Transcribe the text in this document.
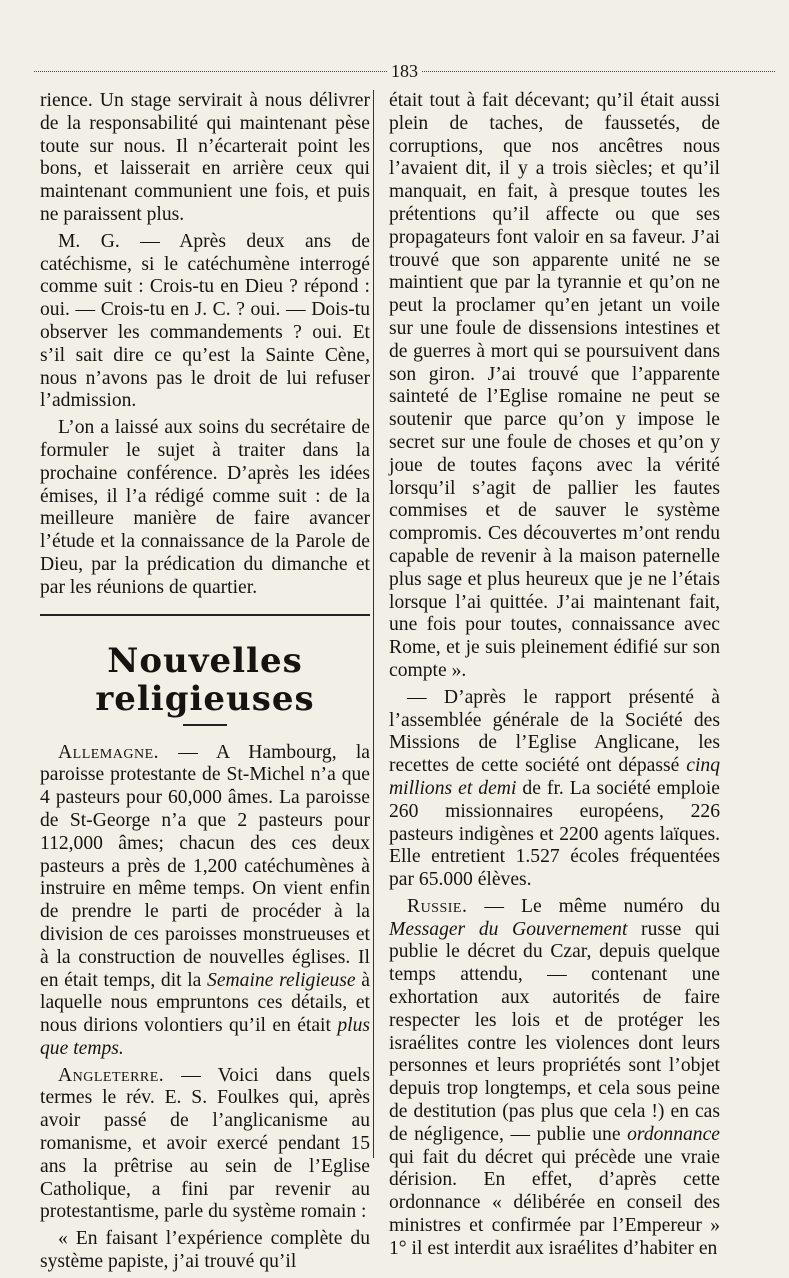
183

rience. Un stage servirait à nous délivrer de la responsabilité qui maintenant pèse toute sur nous. Il n’écarterait point les bons, et laisserait en arrière ceux qui maintenant communient une fois, et puis ne paraissent plus.

M. G. — Après deux ans de catéchisme, si le catéchumène interrogé comme suit : Crois-tu en Dieu ? répond : oui. — Crois-tu en J. C. ? oui. — Dois-tu observer les commandements ? oui. Et s’il sait dire ce qu’est la Sainte Cène, nous n’avons pas le droit de lui refuser l’admission.

L’on a laissé aux soins du secrétaire de formuler le sujet à traiter dans la prochaine conférence. D’après les idées émises, il l’a rédigé comme suit : de la meilleure manière de faire avancer l’étude et la connaissance de la Parole de Dieu, par la prédication du dimanche et par les réunions de quartier.

Nouvelles religieuses

Allemagne. — A Hambourg, la paroisse protestante de St-Michel n’a que 4 pasteurs pour 60,000 âmes. La paroisse de St-George n’a que 2 pasteurs pour 112,000 âmes; chacun des ces deux pasteurs a près de 1,200 catéchumènes à instruire en même temps. On vient enfin de prendre le parti de procéder à la division de ces paroisses monstrueuses et à la construction de nouvelles églises. Il en était temps, dit la Semaine religieuse à laquelle nous empruntons ces détails, et nous dirions volontiers qu’il en était plus que temps.

Angleterre. — Voici dans quels termes le rév. E. S. Foulkes qui, après avoir passé de l’anglicanisme au romanisme, et avoir exercé pendant 15 ans la prêtrise au sein de l’Eglise Catholique, a fini par revenir au protestantisme, parle du système romain :

« En faisant l’expérience complète du système papiste, j’ai trouvé qu’il

était tout à fait décevant; qu’il était aussi plein de taches, de faussetés, de corruptions, que nos ancêtres nous l’avaient dit, il y a trois siècles; et qu’il manquait, en fait, à presque toutes les prétentions qu’il affecte ou que ses propagateurs font valoir en sa faveur. J’ai trouvé que son apparente unité ne se maintient que par la tyrannie et qu’on ne peut la proclamer qu’en jetant un voile sur une foule de dissensions intestines et de guerres à mort qui se poursuivent dans son giron. J’ai trouvé que l’apparente sainteté de l’Eglise romaine ne peut se soutenir que parce qu’on y impose le secret sur une foule de choses et qu’on y joue de toutes façons avec la vérité lorsqu’il s’agit de pallier les fautes commises et de sauver le système compromis. Ces découvertes m’ont rendu capable de revenir à la maison paternelle plus sage et plus heureux que je ne l’étais lorsque l’ai quittée. J’ai maintenant fait, une fois pour toutes, connaissance avec Rome, et je suis pleinement édifié sur son compte ».

— D’après le rapport présenté à l’assemblée générale de la Société des Missions de l’Eglise Anglicane, les recettes de cette société ont dépassé cinq millions et demi de fr. La société emploie 260 missionnaires européens, 226 pasteurs indigènes et 2200 agents laïques. Elle entretient 1.527 écoles fréquentées par 65.000 élèves.

Russie. — Le même numéro du Messager du Gouvernement russe qui publie le décret du Czar, depuis quelque temps attendu, — contenant une exhortation aux autorités de faire respecter les lois et de protéger les israélites contre les violences dont leurs personnes et leurs propriétés sont l’objet depuis trop longtemps, et cela sous peine de destitution (pas plus que cela !) en cas de négligence, — publie une ordonnance qui fait du décret qui précède une vraie dérision. En effet, d’après cette ordonnance « délibérée en conseil des ministres et confirmée par l’Empereur » 1° il est interdit aux israélites d’habiter en
